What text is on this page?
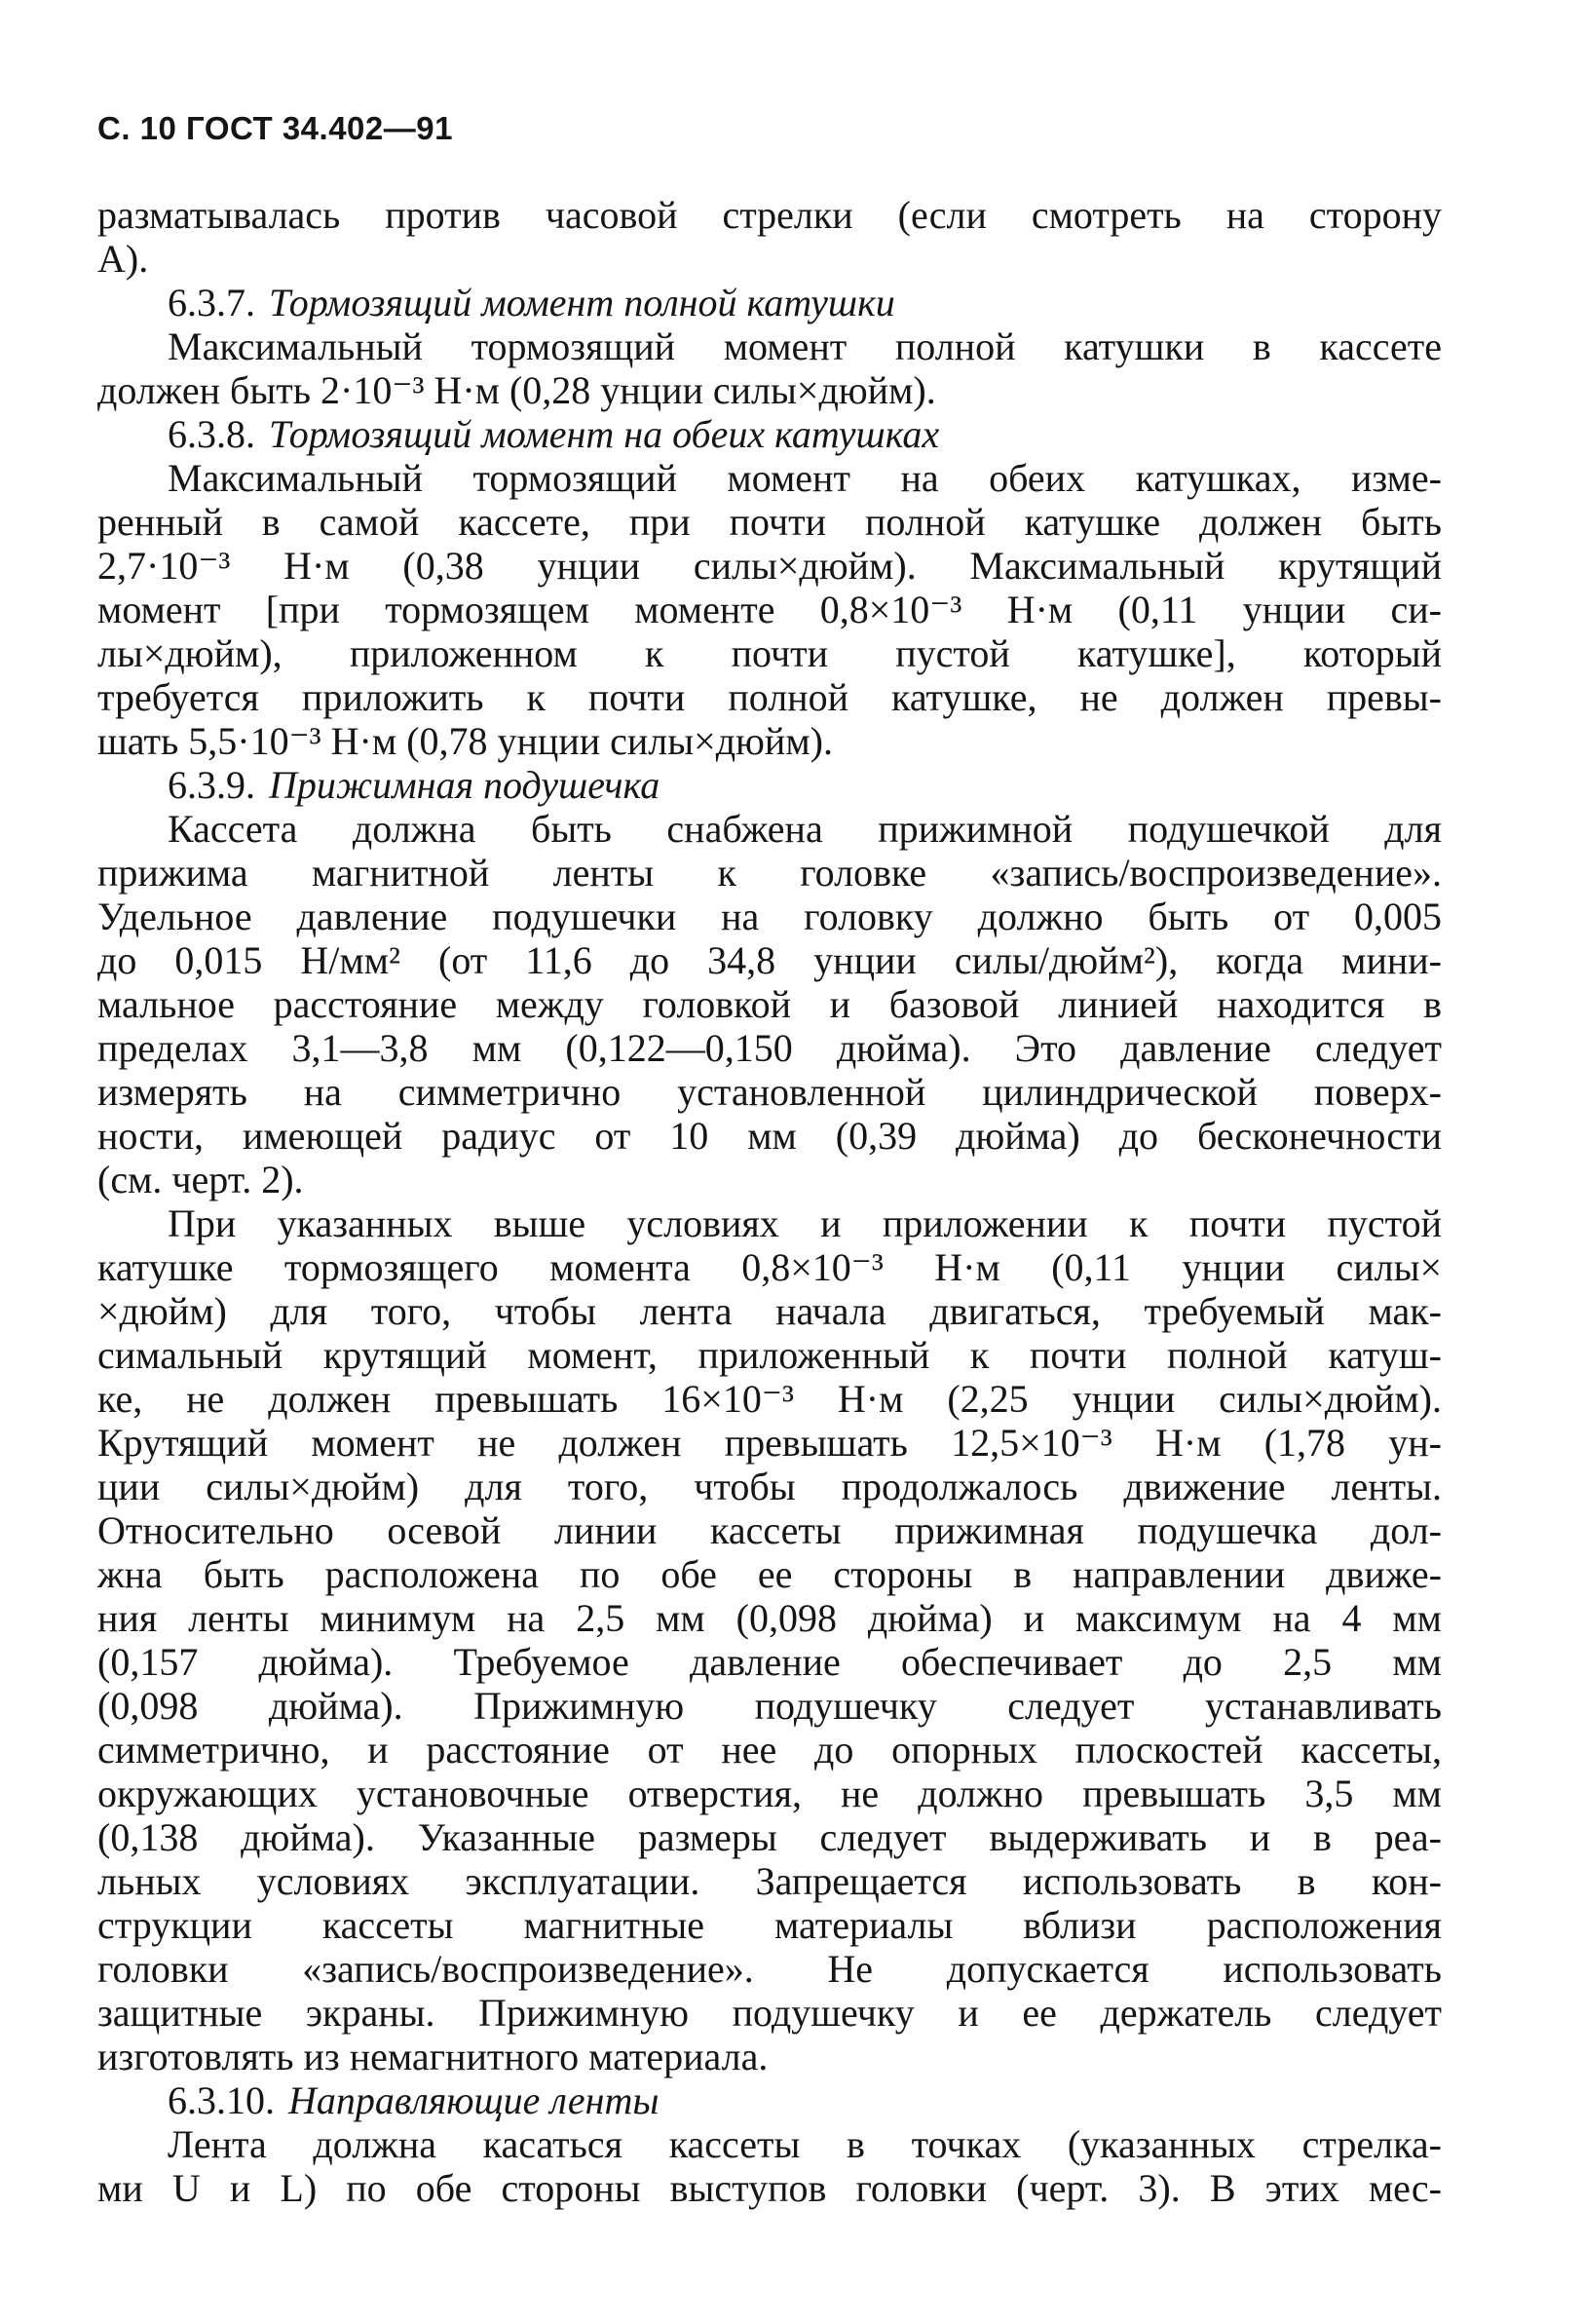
С. 10 ГОСТ 34.402—91
разматывалась против часовой стрелки (если смотреть на сторону
А).
6.3.7. Тормозящий момент полной катушки
Максимальный тормозящий момент полной катушки в кассете
должен быть 2·10⁻³ Н·м (0,28 унции силы×дюйм).
6.3.8. Тормозящий момент на обеих катушках
Максимальный тормозящий момент на обеих катушках, изме-
ренный в самой кассете, при почти полной катушке должен быть
2,7·10⁻³ Н·м (0,38 унции силы×дюйм). Максимальный крутящий
момент [при тормозящем моменте 0,8×10⁻³ Н·м (0,11 унции си-
лы×дюйм), приложенном к почти пустой катушке], который
требуется приложить к почти полной катушке, не должен превы-
шать 5,5·10⁻³ Н·м (0,78 унции силы×дюйм).
6.3.9. Прижимная подушечка
Кассета должна быть снабжена прижимной подушечкой для
прижима магнитной ленты к головке «запись/воспроизведение».
Удельное давление подушечки на головку должно быть от 0,005
до 0,015 Н/мм² (от 11,6 до 34,8 унции силы/дюйм²), когда мини-
мальное расстояние между головкой и базовой линией находится в
пределах 3,1—3,8 мм (0,122—0,150 дюйма). Это давление следует
измерять на симметрично установленной цилиндрической поверх-
ности, имеющей радиус от 10 мм (0,39 дюйма) до бесконечности
(см. черт. 2).
При указанных выше условиях и приложении к почти пустой
катушке тормозящего момента 0,8×10⁻³ Н·м (0,11 унции силы×
×дюйм) для того, чтобы лента начала двигаться, требуемый мак-
симальный крутящий момент, приложенный к почти полной катуш-
ке, не должен превышать 16×10⁻³ Н·м (2,25 унции силы×дюйм).
Крутящий момент не должен превышать 12,5×10⁻³ Н·м (1,78 ун-
ции силы×дюйм) для того, чтобы продолжалось движение ленты.
Относительно осевой линии кассеты прижимная подушечка дол-
жна быть расположена по обе ее стороны в направлении движе-
ния ленты минимум на 2,5 мм (0,098 дюйма) и максимум на 4 мм
(0,157 дюйма). Требуемое давление обеспечивает до 2,5 мм
(0,098 дюйма). Прижимную подушечку следует устанавливать
симметрично, и расстояние от нее до опорных плоскостей кассеты,
окружающих установочные отверстия, не должно превышать 3,5 мм
(0,138 дюйма). Указанные размеры следует выдерживать и в реа-
льных условиях эксплуатации. Запрещается использовать в кон-
струкции кассеты магнитные материалы вблизи расположения
головки «запись/воспроизведение». Не допускается использовать
защитные экраны. Прижимную подушечку и ее держатель следует
изготовлять из немагнитного материала.
6.3.10. Направляющие ленты
Лента должна касаться кассеты в точках (указанных стрелка-
ми U и L) по обе стороны выступов головки (черт. 3). В этих мес-
